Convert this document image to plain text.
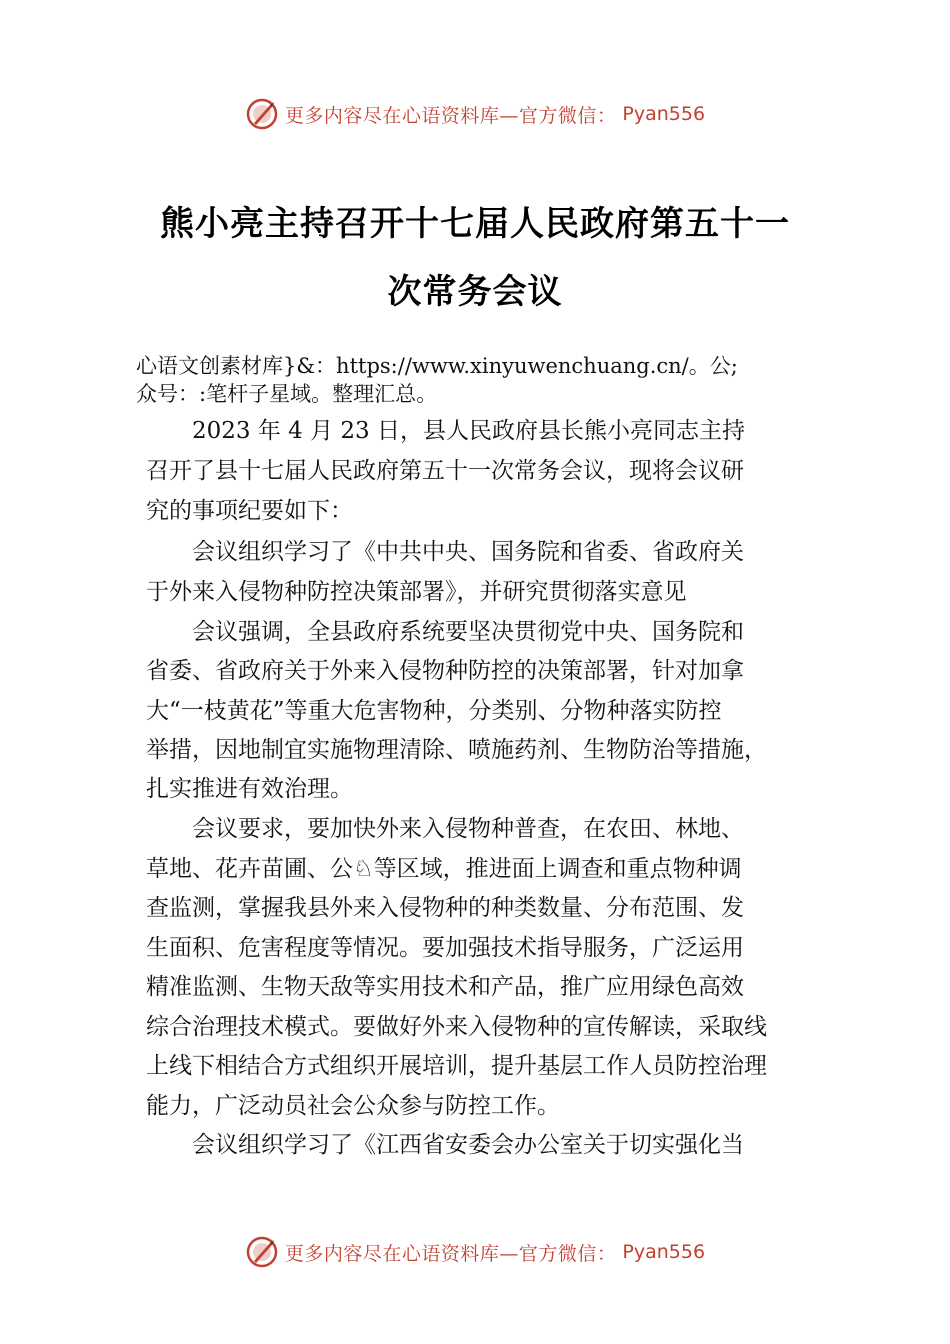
更多内容尽在心语资料库—官方微信： Pyan556
熊小亮主持召开十七届人民政府第五十一
次常务会议
心语文创素材库}&：https://www.xinyuwenchuang.cn/。公;
众号：:笔杆子星域。整理汇总。
　　2023 年 4 月 23 日，县人民政府县长熊小亮同志主持
召开了县十七届人民政府第五十一次常务会议，现将会议研
究的事项纪要如下：
　　会议组织学习了《中共中央、国务院和省委、省政府关
于外来入侵物种防控决策部署》，并研究贯彻落实意见
　　会议强调，全县政府系统要坚决贯彻党中央、国务院和
省委、省政府关于外来入侵物种防控的决策部署，针对加拿
大“一枝黄花”等重大危害物种，分类别、分物种落实防控
举措，因地制宜实施物理清除、喷施药剂、生物防治等措施，
扎实推进有效治理。
　　会议要求，要加快外来入侵物种普查，在农田、林地、
草地、花卉苗圃、公♘等区域，推进面上调查和重点物种调
查监测，掌握我县外来入侵物种的种类数量、分布范围、发
生面积、危害程度等情况。要加强技术指导服务，广泛运用
精准监测、生物天敌等实用技术和产品，推广应用绿色高效
综合治理技术模式。要做好外来入侵物种的宣传解读，采取线
上线下相结合方式组织开展培训，提升基层工作人员防控治理
能力，广泛动员社会公众参与防控工作。
　　会议组织学习了《江西省安委会办公室关于切实强化当
更多内容尽在心语资料库—官方微信： Pyan556
